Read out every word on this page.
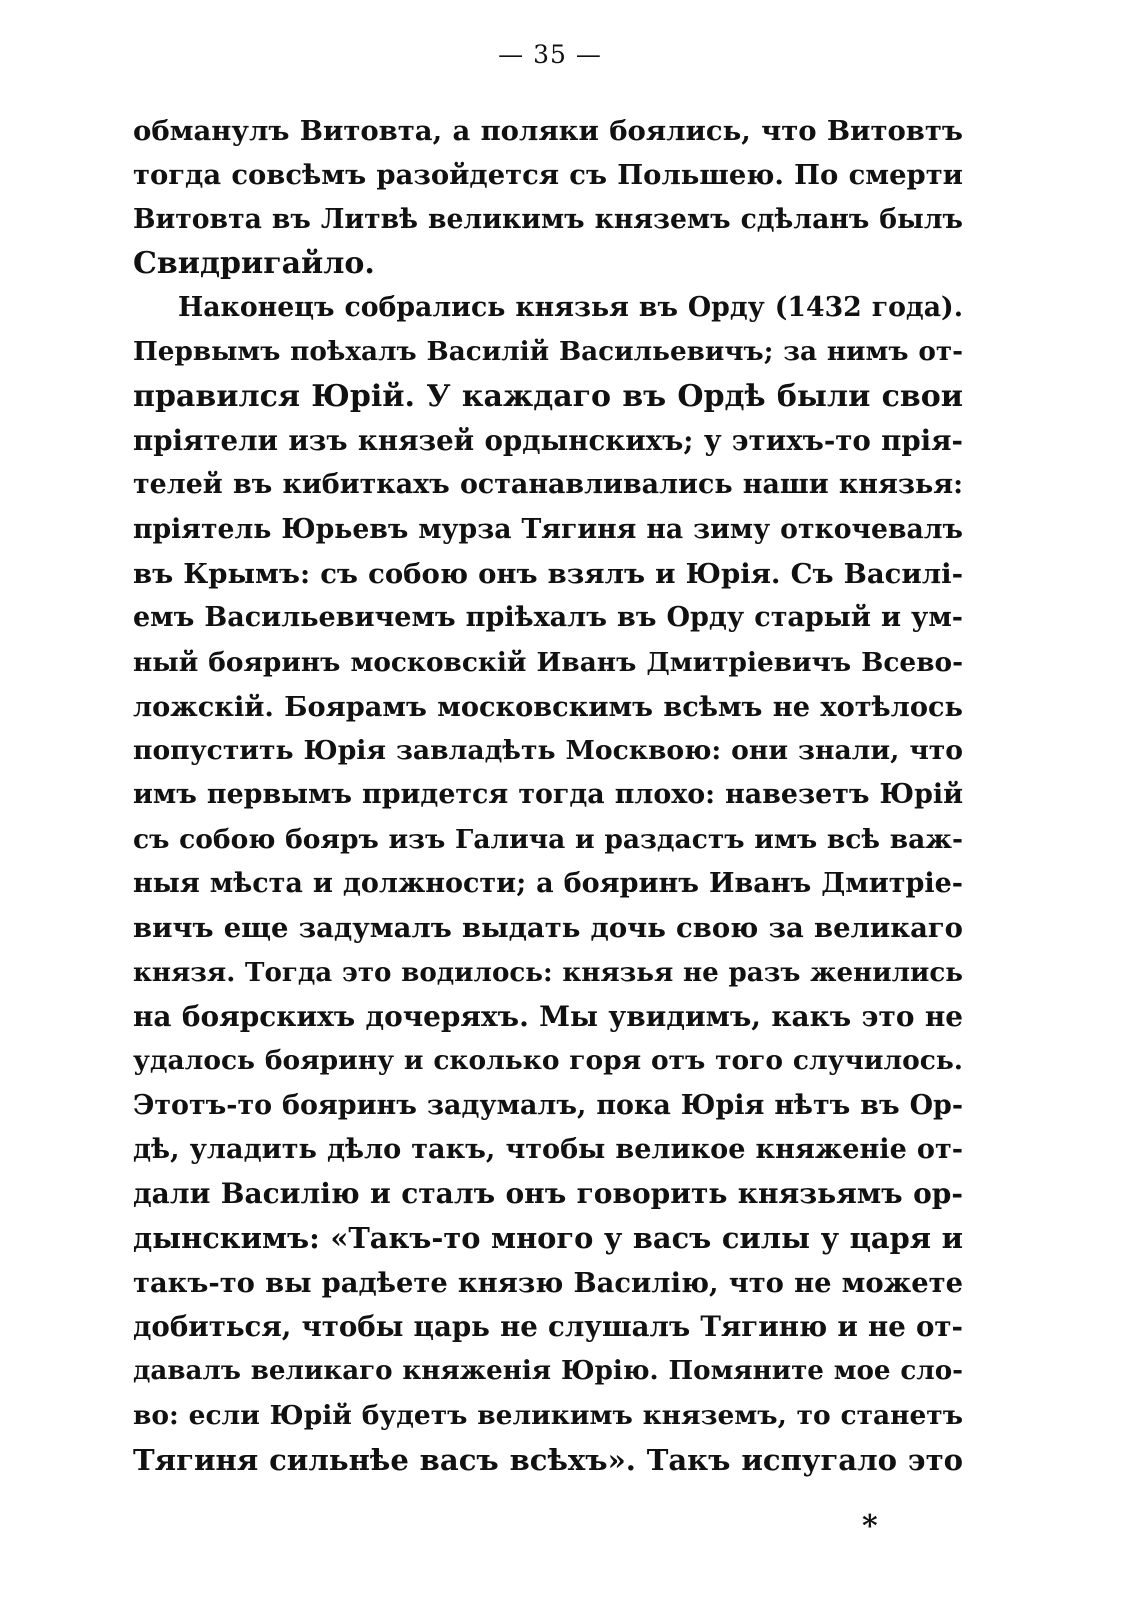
— 35 —
обманулъ Витовта, а поляки боялись, что Витовтъ
тогда совсѣмъ разойдется съ Польшею. По смерти
Витовта въ Литвѣ великимъ княземъ сдѣланъ былъ
Свидригайло.
Наконецъ собрались князья въ Орду (1432 года).
Первымъ поѣхалъ Василій Васильевичъ; за нимъ от-
правился Юрій. У каждаго въ Ордѣ были свои
пріятели изъ князей ордынскихъ; у этихъ-то прія-
телей въ кибиткахъ останавливались наши князья:
пріятель Юрьевъ мурза Тягиня на зиму откочевалъ
въ Крымъ: съ собою онъ взялъ и Юрія. Съ Василі-
емъ Васильевичемъ пріѣхалъ въ Орду старый и ум-
ный бояринъ московскій Иванъ Дмитріевичъ Всево-
ложскій. Боярамъ московскимъ всѣмъ не хотѣлось
попустить Юрія завладѣть Москвою: они знали, что
имъ первымъ придется тогда плохо: навезетъ Юрій
съ собою бояръ изъ Галича и раздастъ имъ всѣ важ-
ныя мѣста и должности; а бояринъ Иванъ Дмитріе-
вичъ еще задумалъ выдать дочь свою за великаго
князя. Тогда это водилось: князья не разъ женились
на боярскихъ дочеряхъ. Мы увидимъ, какъ это не
удалось боярину и сколько горя отъ того случилось.
Этотъ-то бояринъ задумалъ, пока Юрія нѣтъ въ Ор-
дѣ, уладить дѣло такъ, чтобы великое княженіе от-
дали Василію и сталъ онъ говорить князьямъ ор-
дынскимъ: «Такъ-то много у васъ силы у царя и
такъ-то вы радѣете князю Василію, что не можете
добиться, чтобы царь не слушалъ Тягиню и не от-
давалъ великаго княженія Юрію. Помяните мое сло-
во: если Юрій будетъ великимъ княземъ, то станетъ
Тягиня сильнѣе васъ всѣхъ». Такъ испугало это
*
